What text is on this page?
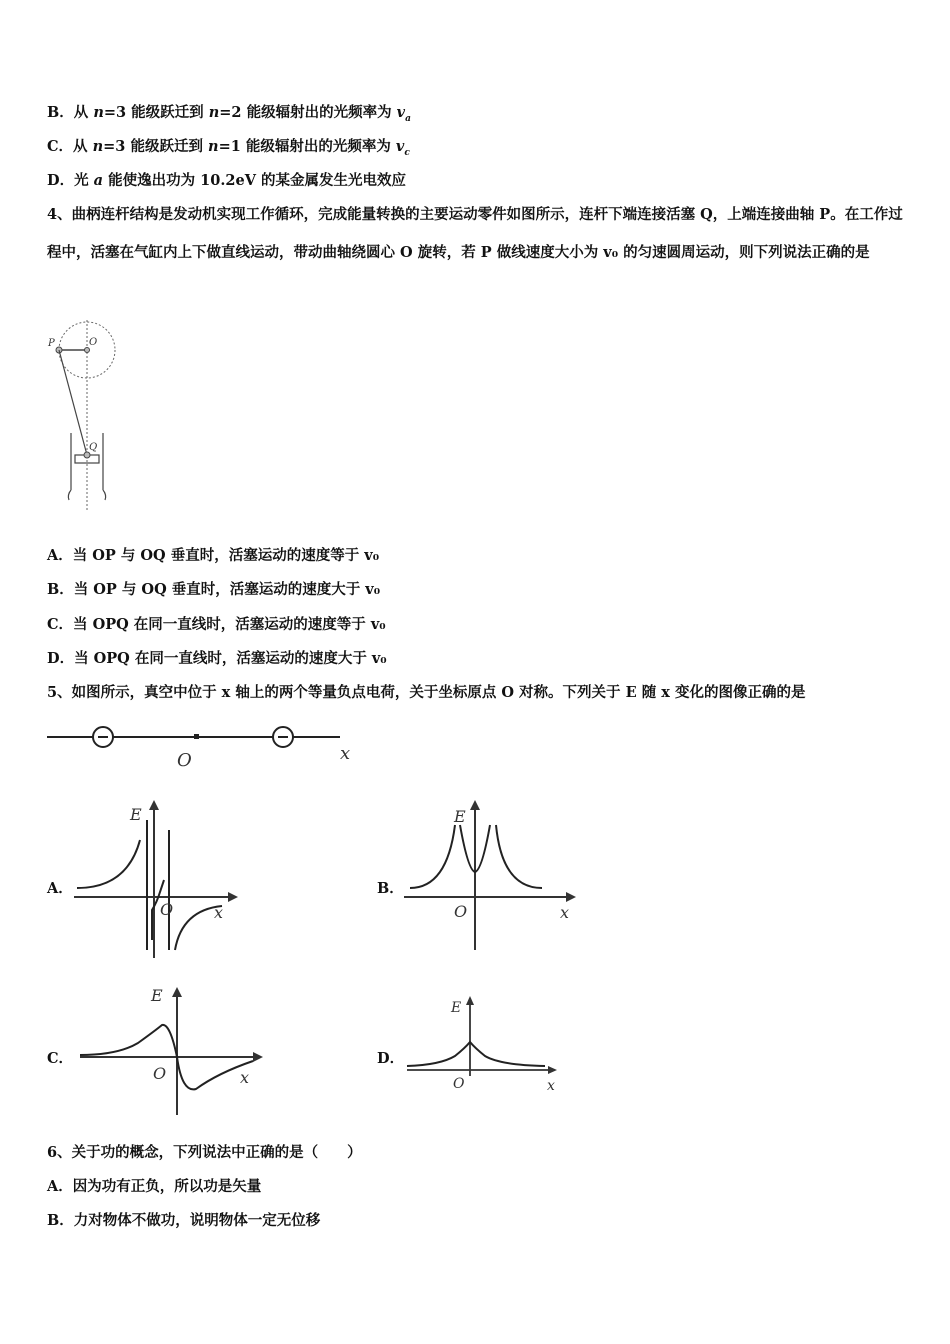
B．从 n=3 能级跃迁到 n=2 能级辐射出的光频率为 $v_a$
C．从 n=3 能级跃迁到 n=1 能级辐射出的光频率为 $v_c$
D．光 a 能使逸出功为 10.2eV 的某金属发生光电效应
4、曲柄连杆结构是发动机实现工作循环，完成能量转换的主要运动零件如图所示，连杆下端连接活塞 Q，上端连接曲轴 P。在工作过程中，活塞在气缸内上下做直线运动，带动曲轴绕圆心 O 旋转，若 P 做线速度大小为 v₀ 的匀速圆周运动，则下列说法正确的是
P	O
Q
A．当 OP 与 OQ 垂直时，活塞运动的速度等于 v₀
B．当 OP 与 OQ 垂直时，活塞运动的速度大于 v₀
C．当 OPQ 在同一直线时，活塞运动的速度等于 v₀
D．当 OPQ 在同一直线时，活塞运动的速度大于 v₀
5、如图所示，真空中位于 x 轴上的两个等量负点电荷，关于坐标原点 O 对称。下列关于 E 随 x 变化的图像正确的是
O	x
A．
E
O	x
B．
E
O	x
C．
E
O	x
D．
E
O	x
6、关于功的概念，下列说法中正确的是（　　）
A．因为功有正负，所以功是矢量
B．力对物体不做功，说明物体一定无位移
